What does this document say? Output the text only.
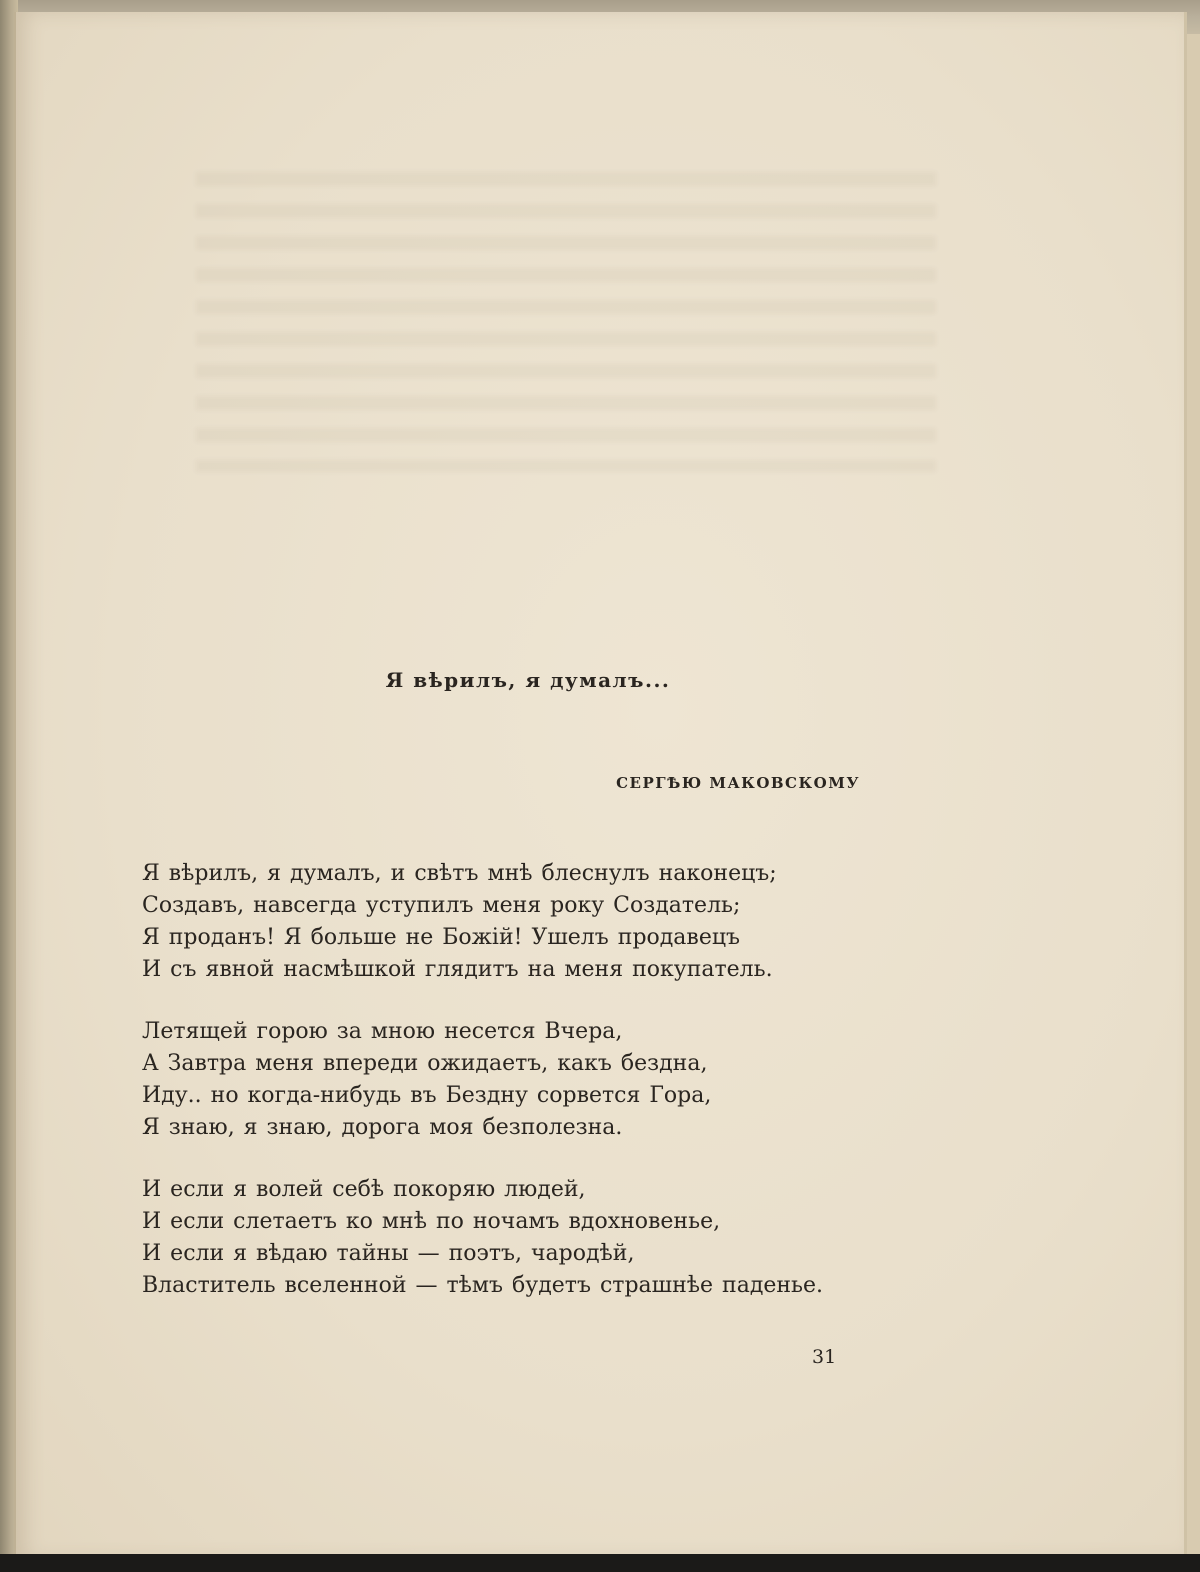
Я вѣрилъ, я думалъ...
СЕРГѢЮ МАКОВСКОМУ
Я вѣрилъ, я думалъ, и свѣтъ мнѣ блеснулъ наконецъ;
Создавъ, навсегда уступилъ меня року Создатель;
Я проданъ! Я больше не Божій! Ушелъ продавецъ
И съ явной насмѣшкой глядитъ на меня покупатель.
Летящей горою за мною несется Вчера,
А Завтра меня впереди ожидаетъ, какъ бездна,
Иду.. но когда-нибудь въ Бездну сорвется Гора,
Я знаю, я знаю, дорога моя безполезна.
И если я волей себѣ покоряю людей,
И если слетаетъ ко мнѣ по ночамъ вдохновенье,
И если я вѣдаю тайны — поэтъ, чародѣй,
Властитель вселенной — тѣмъ будетъ страшнѣе паденье.
31
